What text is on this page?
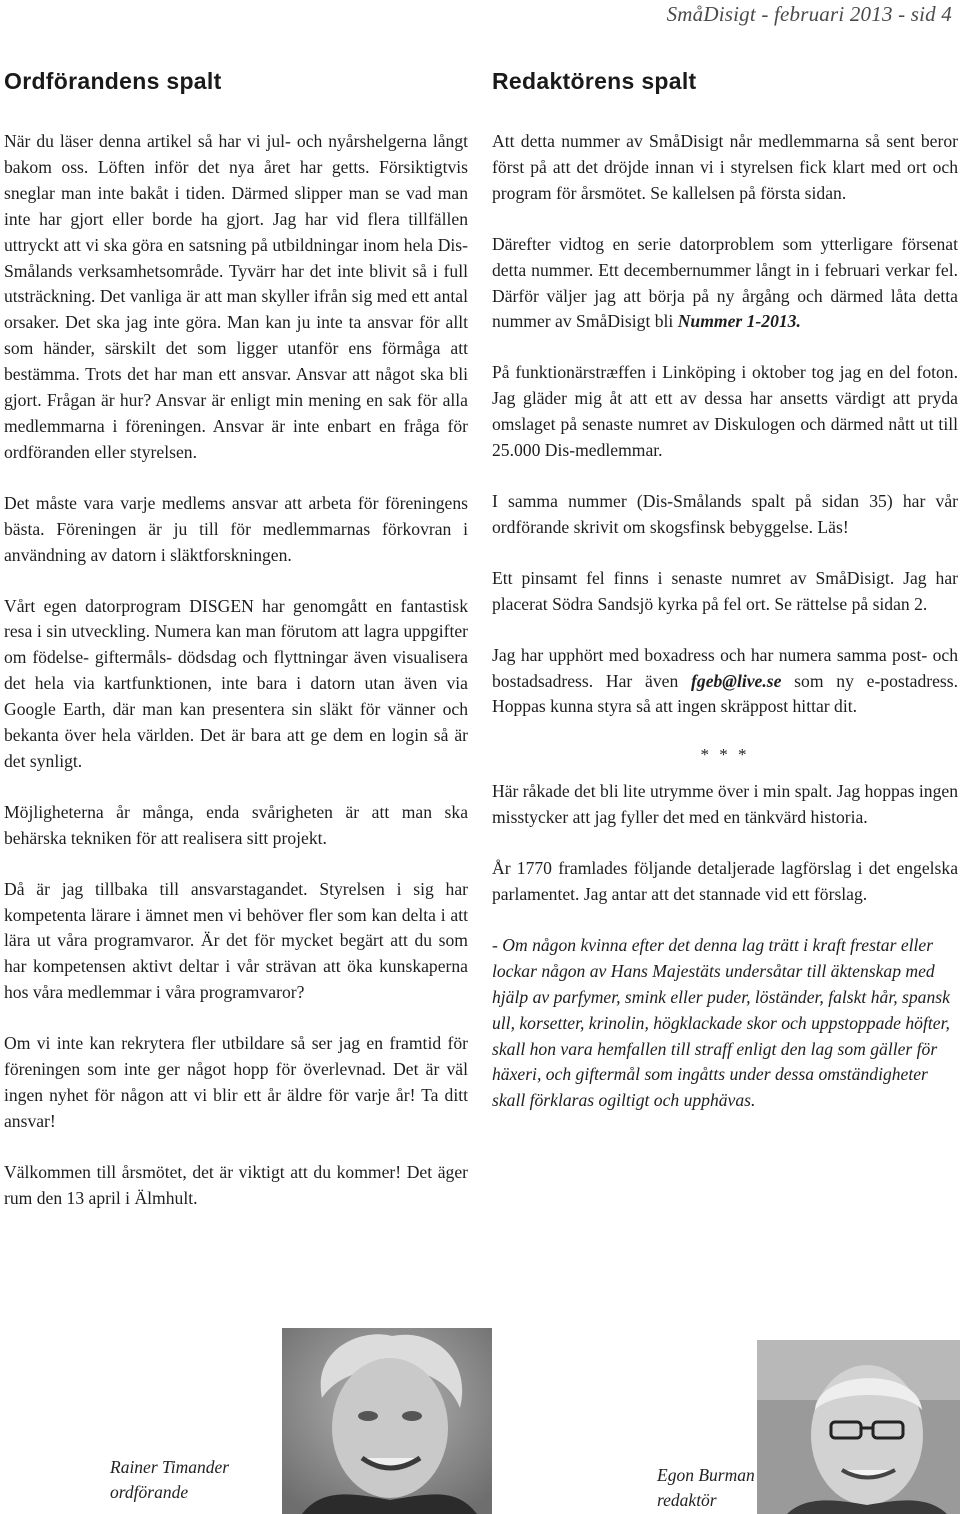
SmåDisigt - februari 2013 - sid 4
Ordförandens spalt

När du läser denna artikel så har vi jul- och nyårshelgerna långt bakom oss. Löften inför det nya året har getts. Försiktigtvis sneglar man inte bakåt i tiden. Därmed slipper man se vad man inte har gjort eller borde ha gjort. Jag har vid flera tillfällen uttryckt att vi ska göra en satsning på utbildningar inom hela Dis-Smålands verksamhetsområde. Tyvärr har det inte blivit så i full utsträckning. Det vanliga är att man skyller ifrån sig med ett antal orsaker. Det ska jag inte göra. Man kan ju inte ta ansvar för allt som händer, särskilt det som ligger utanför ens förmåga att bestämma. Trots det har man ett ansvar. Ansvar att något ska bli gjort. Frågan är hur? Ansvar är enligt min mening en sak för alla medlemmarna i föreningen. Ansvar är inte enbart en fråga för ordföranden eller styrelsen.

Det måste vara varje medlems ansvar att arbeta för föreningens bästa. Föreningen är ju till för medlemmarnas förkovran i användning av datorn i släktforskningen.

Vårt egen datorprogram DISGEN har genomgått en fantastisk resa i sin utveckling. Numera kan man förutom att lagra uppgifter om födelse- giftermåls- dödsdag och flyttningar även visualisera det hela via kartfunktionen, inte bara i datorn utan även via Google Earth, där man kan presentera sin släkt för vänner och bekanta över hela världen. Det är bara att ge dem en login så är det synligt.

Möjligheterna år många, enda svårigheten är att man ska behärska tekniken för att realisera sitt projekt.

Då är jag tillbaka till ansvarstagandet. Styrelsen i sig har kompetenta lärare i ämnet men vi behöver fler som kan delta i att lära ut våra programvaror. Är det för mycket begärt att du som har kompetensen aktivt deltar i vår strävan att öka kunskaperna hos våra medlemmar i våra programvaror?

Om vi inte kan rekrytera fler utbildare så ser jag en framtid för föreningen som inte ger något hopp för överlevnad. Det är väl ingen nyhet för någon att vi blir ett år äldre för varje år! Ta ditt ansvar!

Välkommen till årsmötet, det är viktigt att du kommer! Det äger rum den 13 april i Älmhult.

Redaktörens spalt

Att detta nummer av SmåDisigt når medlemmarna så sent beror först på att det dröjde innan vi i styrelsen fick klart med ort och program för årsmötet. Se kallelsen på första sidan.

Därefter vidtog en serie datorproblem som ytterligare försenat detta nummer. Ett decembernummer långt in i februari verkar fel. Därför väljer jag att börja på ny årgång och därmed låta detta nummer av SmåDisigt bli Nummer 1-2013.

På funktionärstræffen i Linköping i oktober tog jag en del foton. Jag gläder mig åt att ett av dessa har ansetts värdigt att pryda omslaget på senaste numret av Diskulogen och därmed nått ut till 25.000 Dis-medlemmar.

I samma nummer (Dis-Smålands spalt på sidan 35) har vår ordförande skrivit om skogsfinsk bebyggelse. Läs!

Ett pinsamt fel finns i senaste numret av SmåDisigt. Jag har placerat Södra Sandsjö kyrka på fel ort. Se rättelse på sidan 2.

Jag har upphört med boxadress och har numera samma post- och bostadsadress. Har även fgeb@live.se som ny e-postadress. Hoppas kunna styra så att ingen skräppost hittar dit.

* * *

Här råkade det bli lite utrymme över i min spalt. Jag hoppas ingen misstycker att jag fyller det med en tänkvärd historia.

År 1770 framlades följande detaljerade lagförslag i det engelska parlamentet. Jag antar att det stannade vid ett förslag.

- Om någon kvinna efter det denna lag trätt i kraft frestar eller lockar någon av Hans Majestäts undersåtar till äktenskap med hjälp av parfymer, smink eller puder, löständer, falskt hår, spansk ull, korsetter, krinolin, högklackade skor och uppstoppade höfter, skall hon vara hemfallen till straff enligt den lag som gäller för häxeri, och giftermål som ingåtts under dessa omständigheter skall förklaras ogiltigt och upphävas.

Rainer Timander
ordförande
Egon Burman
redaktör
